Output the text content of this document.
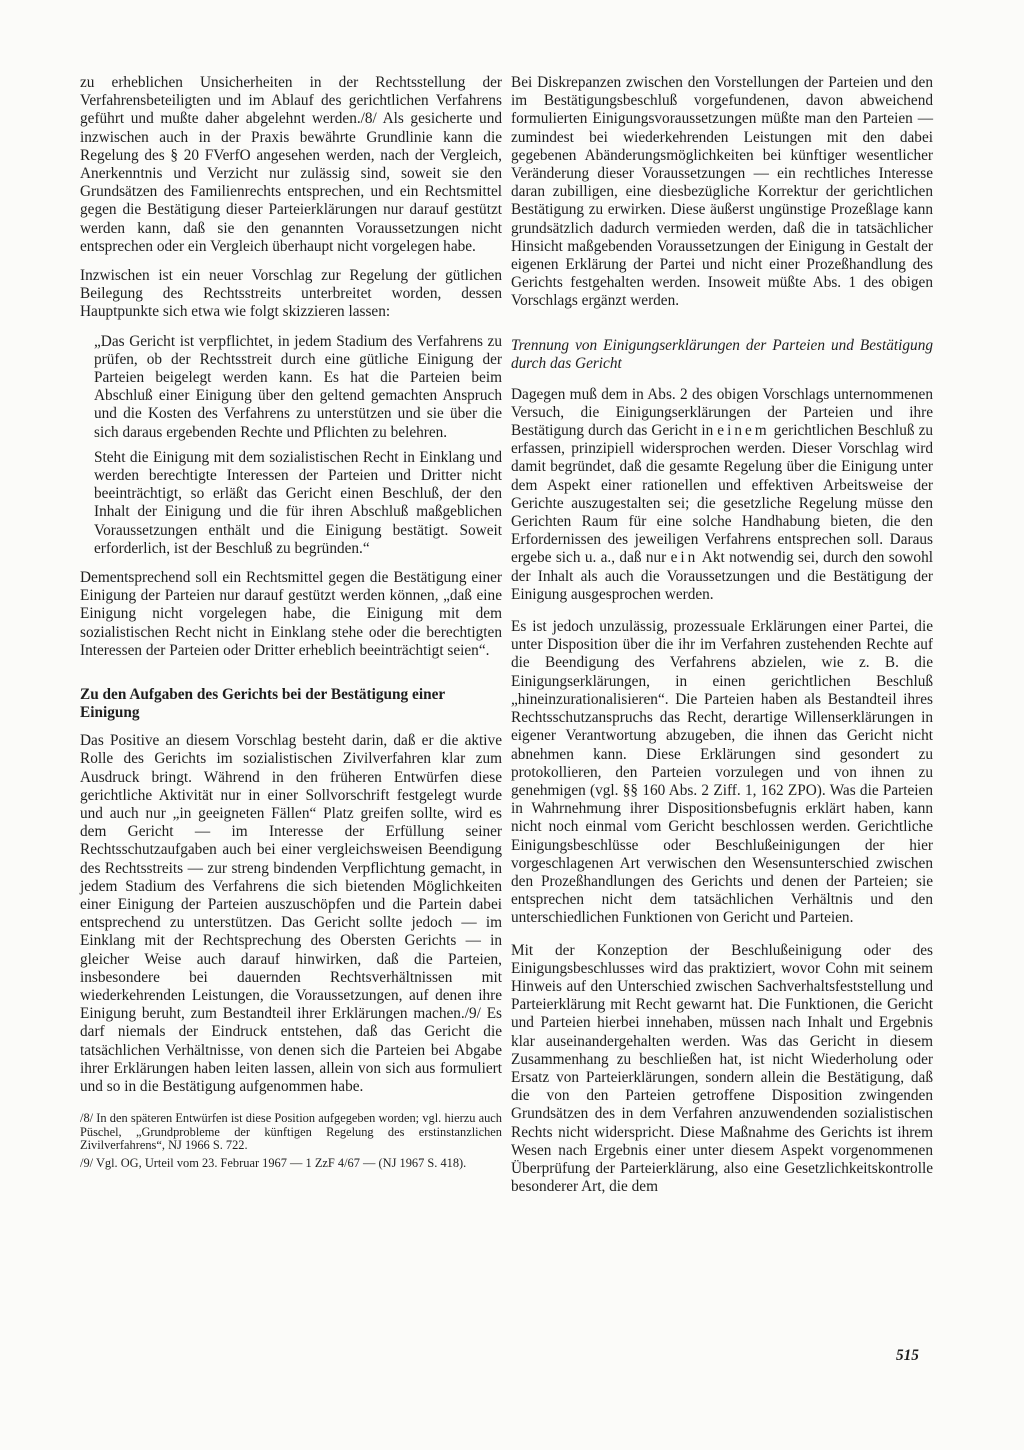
zu erheblichen Unsicherheiten in der Rechtsstellung der Verfahrensbeteiligten und im Ablauf des gerichtlichen Verfahrens geführt und mußte daher abgelehnt werden./8/ Als gesicherte und inzwischen auch in der Praxis bewährte Grundlinie kann die Regelung des § 20 FVerfO angesehen werden, nach der Vergleich, Anerkenntnis und Verzicht nur zulässig sind, soweit sie den Grundsätzen des Familienrechts entsprechen, und ein Rechtsmittel gegen die Bestätigung dieser Parteierklärungen nur darauf gestützt werden kann, daß sie den genannten Voraussetzungen nicht entsprechen oder ein Vergleich überhaupt nicht vorgelegen habe.

Inzwischen ist ein neuer Vorschlag zur Regelung der gütlichen Beilegung des Rechtsstreits unterbreitet worden, dessen Hauptpunkte sich etwa wie folgt skizzieren lassen:

„Das Gericht ist verpflichtet, in jedem Stadium des Verfahrens zu prüfen, ob der Rechtsstreit durch eine gütliche Einigung der Parteien beigelegt werden kann. Es hat die Parteien beim Abschluß einer Einigung über den geltend gemachten Anspruch und die Kosten des Verfahrens zu unterstützen und sie über die sich daraus ergebenden Rechte und Pflichten zu belehren.

Steht die Einigung mit dem sozialistischen Recht in Einklang und werden berechtigte Interessen der Parteien und Dritter nicht beeinträchtigt, so erläßt das Gericht einen Beschluß, der den Inhalt der Einigung und die für ihren Abschluß maßgeblichen Voraussetzungen enthält und die Einigung bestätigt. Soweit erforderlich, ist der Beschluß zu begründen.“

Dementsprechend soll ein Rechtsmittel gegen die Bestätigung einer Einigung der Parteien nur darauf gestützt werden können, „daß eine Einigung nicht vorgelegen habe, die Einigung mit dem sozialistischen Recht nicht in Einklang stehe oder die berechtigten Interessen der Parteien oder Dritter erheblich beeinträchtigt seien“.

Zu den Aufgaben des Gerichts bei der Bestätigung einer Einigung

Das Positive an diesem Vorschlag besteht darin, daß er die aktive Rolle des Gerichts im sozialistischen Zivilverfahren klar zum Ausdruck bringt. Während in den früheren Entwürfen diese gerichtliche Aktivität nur in einer Sollvorschrift festgelegt wurde und auch nur „in geeigneten Fällen“ Platz greifen sollte, wird es dem Gericht — im Interesse der Erfüllung seiner Rechtsschutzaufgaben auch bei einer vergleichsweisen Beendigung des Rechtsstreits — zur streng bindenden Verpflichtung gemacht, in jedem Stadium des Verfahrens die sich bietenden Möglichkeiten einer Einigung der Parteien auszuschöpfen und die Partein dabei entsprechend zu unterstützen. Das Gericht sollte jedoch — im Einklang mit der Rechtsprechung des Obersten Gerichts — in gleicher Weise auch darauf hinwirken, daß die Parteien, insbesondere bei dauernden Rechtsverhältnissen mit wiederkehrenden Leistungen, die Voraussetzungen, auf denen ihre Einigung beruht, zum Bestandteil ihrer Erklärungen machen./9/ Es darf niemals der Eindruck entstehen, daß das Gericht die tatsächlichen Verhältnisse, von denen sich die Parteien bei Abgabe ihrer Erklärungen haben leiten lassen, allein von sich aus formuliert und so in die Bestätigung aufgenommen habe.

/8/ In den späteren Entwürfen ist diese Position aufgegeben worden; vgl. hierzu auch Püschel, „Grundprobleme der künftigen Regelung des erstinstanzlichen Zivilverfahrens“, NJ 1966 S. 722.

/9/ Vgl. OG, Urteil vom 23. Februar 1967 — 1 ZzF 4/67 — (NJ 1967 S. 418).

Bei Diskrepanzen zwischen den Vorstellungen der Parteien und den im Bestätigungsbeschluß vorgefundenen, davon abweichend formulierten Einigungsvoraussetzungen müßte man den Parteien — zumindest bei wiederkehrenden Leistungen mit den dabei gegebenen Abänderungsmöglichkeiten bei künftiger wesentlicher Veränderung dieser Voraussetzungen — ein rechtliches Interesse daran zubilligen, eine diesbezügliche Korrektur der gerichtlichen Bestätigung zu erwirken. Diese äußerst ungünstige Prozeßlage kann grundsätzlich dadurch vermieden werden, daß die in tatsächlicher Hinsicht maßgebenden Voraussetzungen der Einigung in Gestalt der eigenen Erklärung der Partei und nicht einer Prozeßhandlung des Gerichts festgehalten werden. Insoweit müßte Abs. 1 des obigen Vorschlags ergänzt werden.

Trennung von Einigungserklärungen der Parteien und Bestätigung durch das Gericht

Dagegen muß dem in Abs. 2 des obigen Vorschlags unternommenen Versuch, die Einigungserklärungen der Parteien und ihre Bestätigung durch das Gericht in einem gerichtlichen Beschluß zu erfassen, prinzipiell widersprochen werden. Dieser Vorschlag wird damit begründet, daß die gesamte Regelung über die Einigung unter dem Aspekt einer rationellen und effektiven Arbeitsweise der Gerichte auszugestalten sei; die gesetzliche Regelung müsse den Gerichten Raum für eine solche Handhabung bieten, die den Erfordernissen des jeweiligen Verfahrens entsprechen soll. Daraus ergebe sich u. a., daß nur ein Akt notwendig sei, durch den sowohl der Inhalt als auch die Voraussetzungen und die Bestätigung der Einigung ausgesprochen werden.

Es ist jedoch unzulässig, prozessuale Erklärungen einer Partei, die unter Disposition über die ihr im Verfahren zustehenden Rechte auf die Beendigung des Verfahrens abzielen, wie z. B. die Einigungserklärungen, in einen gerichtlichen Beschluß „hineinzurationalisieren“. Die Parteien haben als Bestandteil ihres Rechtsschutzanspruchs das Recht, derartige Willenserklärungen in eigener Verantwortung abzugeben, die ihnen das Gericht nicht abnehmen kann. Diese Erklärungen sind gesondert zu protokollieren, den Parteien vorzulegen und von ihnen zu genehmigen (vgl. §§ 160 Abs. 2 Ziff. 1, 162 ZPO). Was die Parteien in Wahrnehmung ihrer Dispositionsbefugnis erklärt haben, kann nicht noch einmal vom Gericht beschlossen werden. Gerichtliche Einigungsbeschlüsse oder Beschlußeinigungen der hier vorgeschlagenen Art verwischen den Wesensunterschied zwischen den Prozeßhandlungen des Gerichts und denen der Parteien; sie entsprechen nicht dem tatsächlichen Verhältnis und den unterschiedlichen Funktionen von Gericht und Parteien.

Mit der Konzeption der Beschlußeinigung oder des Einigungsbeschlusses wird das praktiziert, wovor Cohn mit seinem Hinweis auf den Unterschied zwischen Sachverhaltsfeststellung und Parteierklärung mit Recht gewarnt hat. Die Funktionen, die Gericht und Parteien hierbei innehaben, müssen nach Inhalt und Ergebnis klar auseinandergehalten werden. Was das Gericht in diesem Zusammenhang zu beschließen hat, ist nicht Wiederholung oder Ersatz von Parteierklärungen, sondern allein die Bestätigung, daß die von den Parteien getroffene Disposition zwingenden Grundsätzen des in dem Verfahren anzuwendenden sozialistischen Rechts nicht widerspricht. Diese Maßnahme des Gerichts ist ihrem Wesen nach Ergebnis einer unter diesem Aspekt vorgenommenen Überprüfung der Parteierklärung, also eine Gesetzlichkeitskontrolle besonderer Art, die dem

515
